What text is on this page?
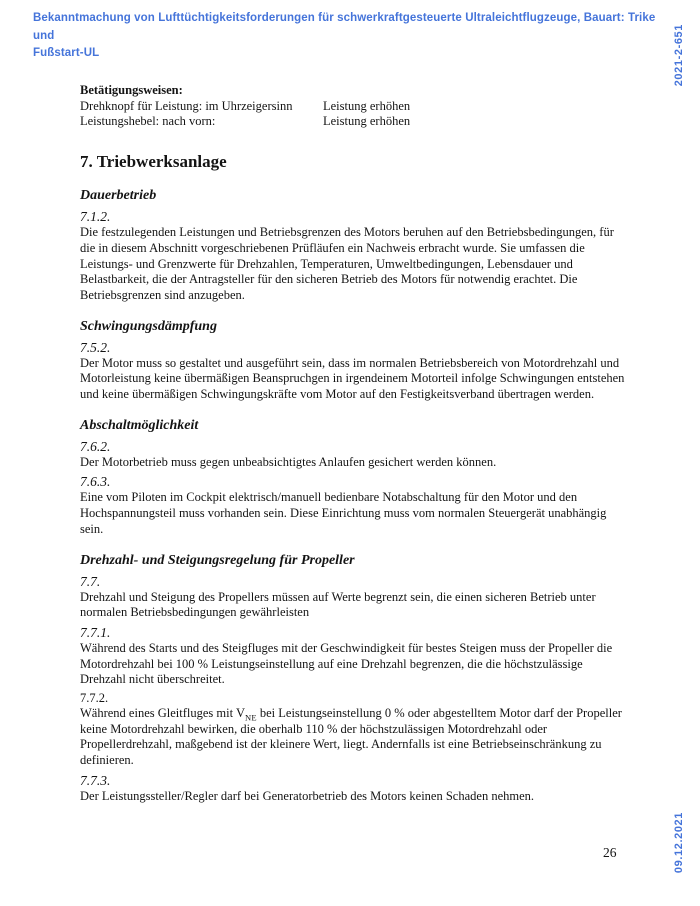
Bekanntmachung von Lufttüchtigkeitsforderungen für schwerkraftgesteuerte Ultraleichtflugzeuge, Bauart: Trike und
Fußstart-UL	2021-2-651
Betätigungsweisen:
Drehknopf für Leistung: im Uhrzeigersinn	Leistung erhöhen
Leistungshebel: nach vorn:	Leistung erhöhen
7. Triebwerksanlage
Dauerbetrieb
7.1.2.

Die festzulegenden Leistungen und Betriebsgrenzen des Motors beruhen auf den Betriebsbedingungen, für die in diesem Abschnitt vorgeschriebenen Prüfläufen ein Nachweis erbracht wurde. Sie umfassen die Leistungs- und Grenzwerte für Drehzahlen, Temperaturen, Umweltbedingungen, Lebensdauer und Belastbarkeit, die der Antragsteller für den sicheren Betrieb des Motors für notwendig erachtet. Die Betriebsgrenzen sind anzugeben.

Schwingungsdämpfung
7.5.2.

Der Motor muss so gestaltet und ausgeführt sein, dass im normalen Betriebsbereich von Motordrehzahl und Motorleistung keine übermäßigen Beanspruchgen in irgendeinem Motorteil infolge Schwingungen entstehen und keine übermäßigen Schwingungskräfte vom Motor auf den Festigkeitsverband übertragen werden.

Abschaltmöglichkeit
7.6.2.

Der Motorbetrieb muss gegen unbeabsichtigtes Anlaufen gesichert werden können.

7.6.3.

Eine vom Piloten im Cockpit elektrisch/manuell bedienbare Notabschaltung für den Motor und den Hochspannungsteil muss vorhanden sein. Diese Einrichtung muss vom normalen Steuergerät unabhängig sein.

Drehzahl- und Steigungsregelung für Propeller
7.7.

Drehzahl und Steigung des Propellers müssen auf Werte begrenzt sein, die einen sicheren Betrieb unter normalen Betriebsbedingungen gewährleisten

7.7.1.

Während des Starts und des Steigfluges mit der Geschwindigkeit für bestes Steigen muss der Propeller die Motordrehzahl bei 100 % Leistungseinstellung auf eine Drehzahl begrenzen, die die höchstzulässige Drehzahl nicht überschreitet.

7.7.2.

Während eines Gleitfluges mit $V_{NE}$ bei Leistungseinstellung 0 % oder abgestelltem Motor darf der Propeller keine Motordrehzahl bewirken, die oberhalb 110 % der höchstzulässigen Motordrehzahl oder Propellerdrehzahl, maßgebend ist der kleinere Wert, liegt. Andernfalls ist eine Betriebseinschränkung zu definieren.

7.7.3.

Der Leistungssteller/Regler darf bei Generatorbetrieb des Motors keinen Schaden nehmen.

26	09.12.2021
